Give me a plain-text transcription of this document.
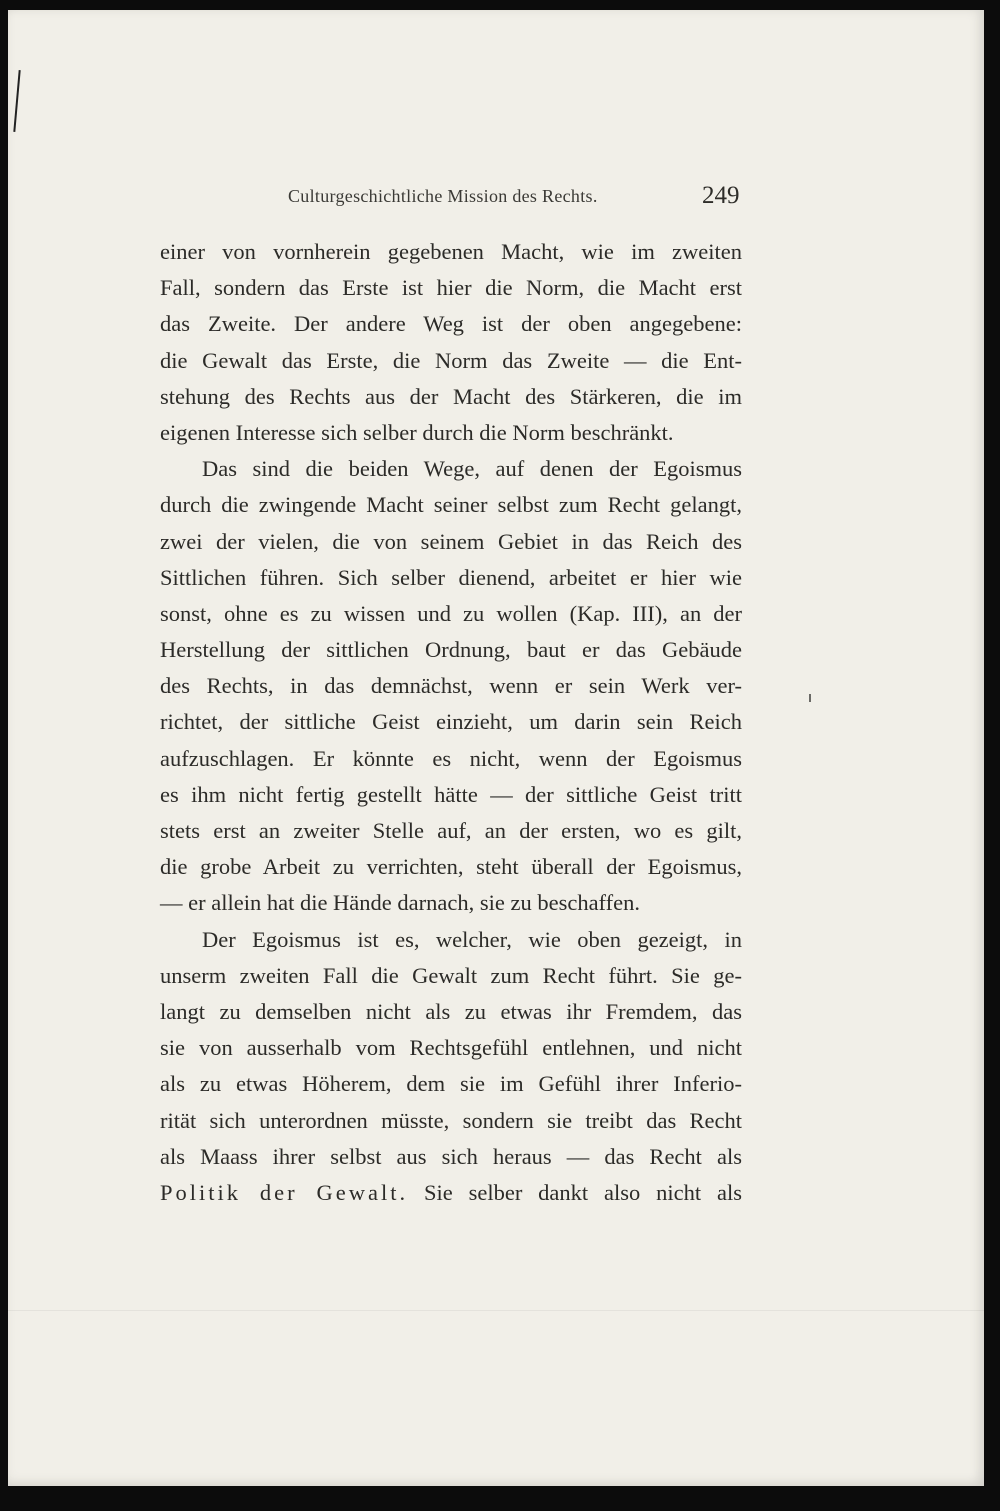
Culturgeschichtliche Mission des Rechts.	249
einer von vornherein gegebenen Macht, wie im zweiten
Fall, sondern das Erste ist hier die Norm, die Macht erst
das Zweite. Der andere Weg ist der oben angegebene:
die Gewalt das Erste, die Norm das Zweite — die Ent-
stehung des Rechts aus der Macht des Stärkeren, die im
eigenen Interesse sich selber durch die Norm beschränkt.
Das sind die beiden Wege, auf denen der Egoismus
durch die zwingende Macht seiner selbst zum Recht gelangt,
zwei der vielen, die von seinem Gebiet in das Reich des
Sittlichen führen. Sich selber dienend, arbeitet er hier wie
sonst, ohne es zu wissen und zu wollen (Kap. III), an der
Herstellung der sittlichen Ordnung, baut er das Gebäude
des Rechts, in das demnächst, wenn er sein Werk ver-
richtet, der sittliche Geist einzieht, um darin sein Reich
aufzuschlagen. Er könnte es nicht, wenn der Egoismus
es ihm nicht fertig gestellt hätte — der sittliche Geist tritt
stets erst an zweiter Stelle auf, an der ersten, wo es gilt,
die grobe Arbeit zu verrichten, steht überall der Egoismus,
— er allein hat die Hände darnach, sie zu beschaffen.
Der Egoismus ist es, welcher, wie oben gezeigt, in
unserm zweiten Fall die Gewalt zum Recht führt. Sie ge-
langt zu demselben nicht als zu etwas ihr Fremdem, das
sie von ausserhalb vom Rechtsgefühl entlehnen, und nicht
als zu etwas Höherem, dem sie im Gefühl ihrer Inferio-
rität sich unterordnen müsste, sondern sie treibt das Recht
als Maass ihrer selbst aus sich heraus — das Recht als
Politik der Gewalt. Sie selber dankt also nicht als
